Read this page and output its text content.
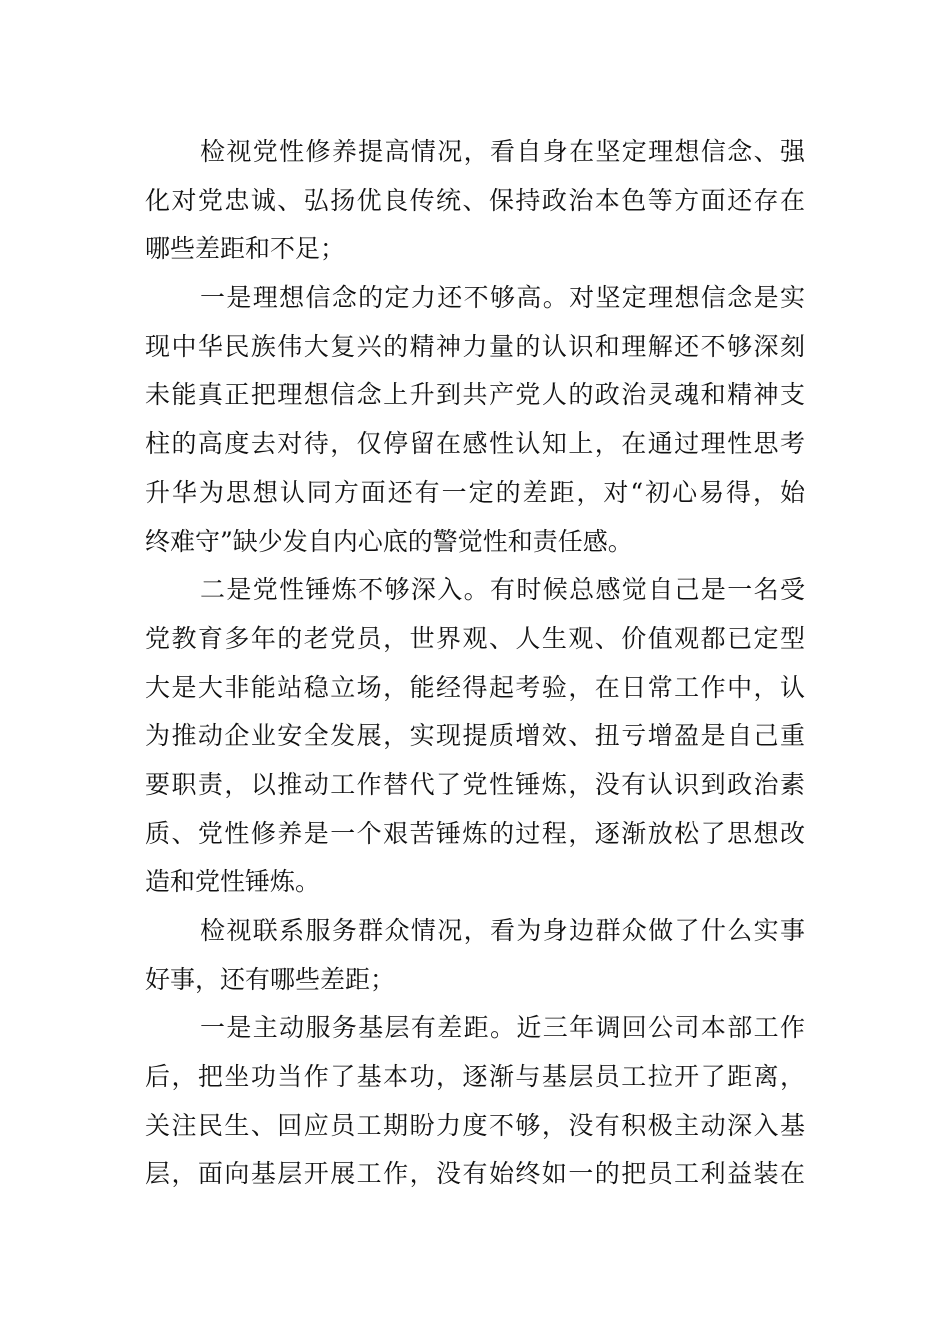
检视党性修养提高情况，看自身在坚定理想信念、强
化对党忠诚、弘扬优良传统、保持政治本色等方面还存在
哪些差距和不足；
一是理想信念的定力还不够高。对坚定理想信念是实
现中华民族伟大复兴的精神力量的认识和理解还不够深刻
未能真正把理想信念上升到共产党人的政治灵魂和精神支
柱的高度去对待，仅停留在感性认知上，在通过理性思考
升华为思想认同方面还有一定的差距，对“初心易得，始
终难守”缺少发自内心底的警觉性和责任感。
二是党性锤炼不够深入。有时候总感觉自己是一名受
党教育多年的老党员，世界观、人生观、价值观都已定型
大是大非能站稳立场，能经得起考验，在日常工作中，认
为推动企业安全发展，实现提质增效、扭亏增盈是自己重
要职责，以推动工作替代了党性锤炼，没有认识到政治素
质、党性修养是一个艰苦锤炼的过程，逐渐放松了思想改
造和党性锤炼。
检视联系服务群众情况，看为身边群众做了什么实事
好事，还有哪些差距；
一是主动服务基层有差距。近三年调回公司本部工作
后，把坐功当作了基本功，逐渐与基层员工拉开了距离，
关注民生、回应员工期盼力度不够，没有积极主动深入基
层，面向基层开展工作，没有始终如一的把员工利益装在
